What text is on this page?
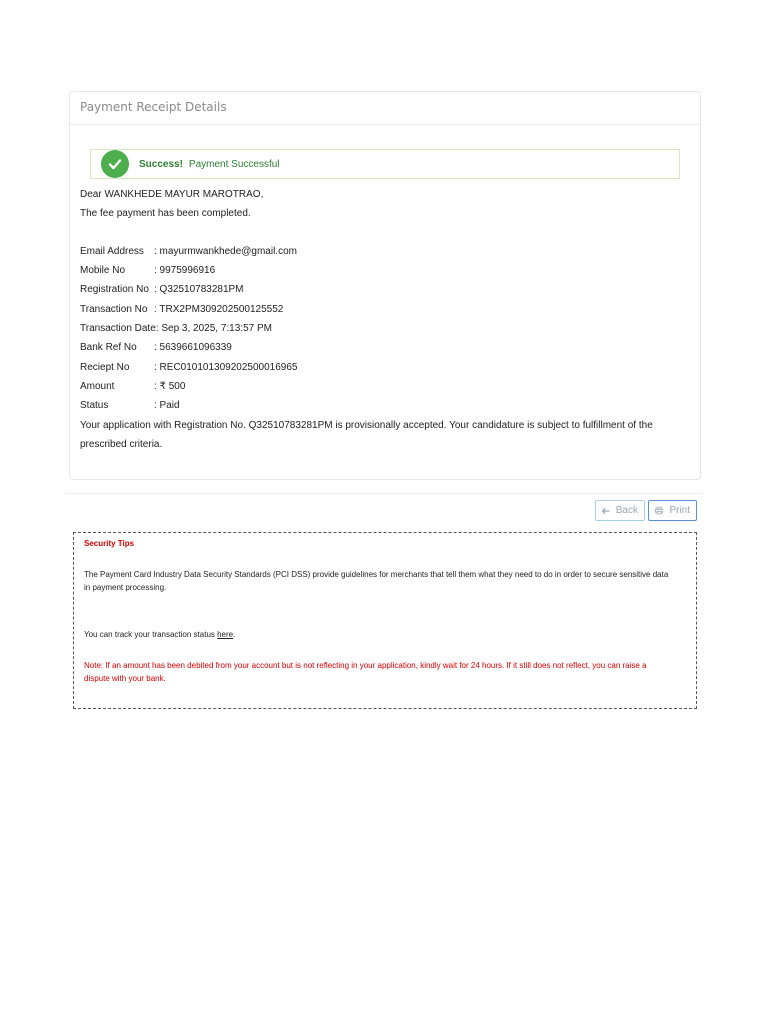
Payment Receipt Details
Success! Payment Successful
Dear WANKHEDE MAYUR MAROTRAO,
The fee payment has been completed.
Email Address : mayurmwankhede@gmail.com
Mobile No	: 9975996916
Registration No : Q32510783281PM
Transaction No : TRX2PM309202500125552
Transaction Date: Sep 3, 2025, 7:13:57 PM
Bank Ref No : 5639661096339
Reciept No : REC010101309202500016965
Amount	: ₹ 500
Status	: Paid
Your application with Registration No. Q32510783281PM is provisionally accepted. Your candidature is subject to fulfillment of the
prescribed criteria.
Back	Print
Security Tips
The Payment Card Industry Data Security Standards (PCI DSS) provide guidelines for merchants that tell them what they need to do in order to secure sensitive data
in payment processing.
You can track your transaction status here.
Note: If an amount has been debited from your account but is not reflecting in your application, kindly wait for 24 hours. If it still does not reflect, you can raise a
dispute with your bank.
